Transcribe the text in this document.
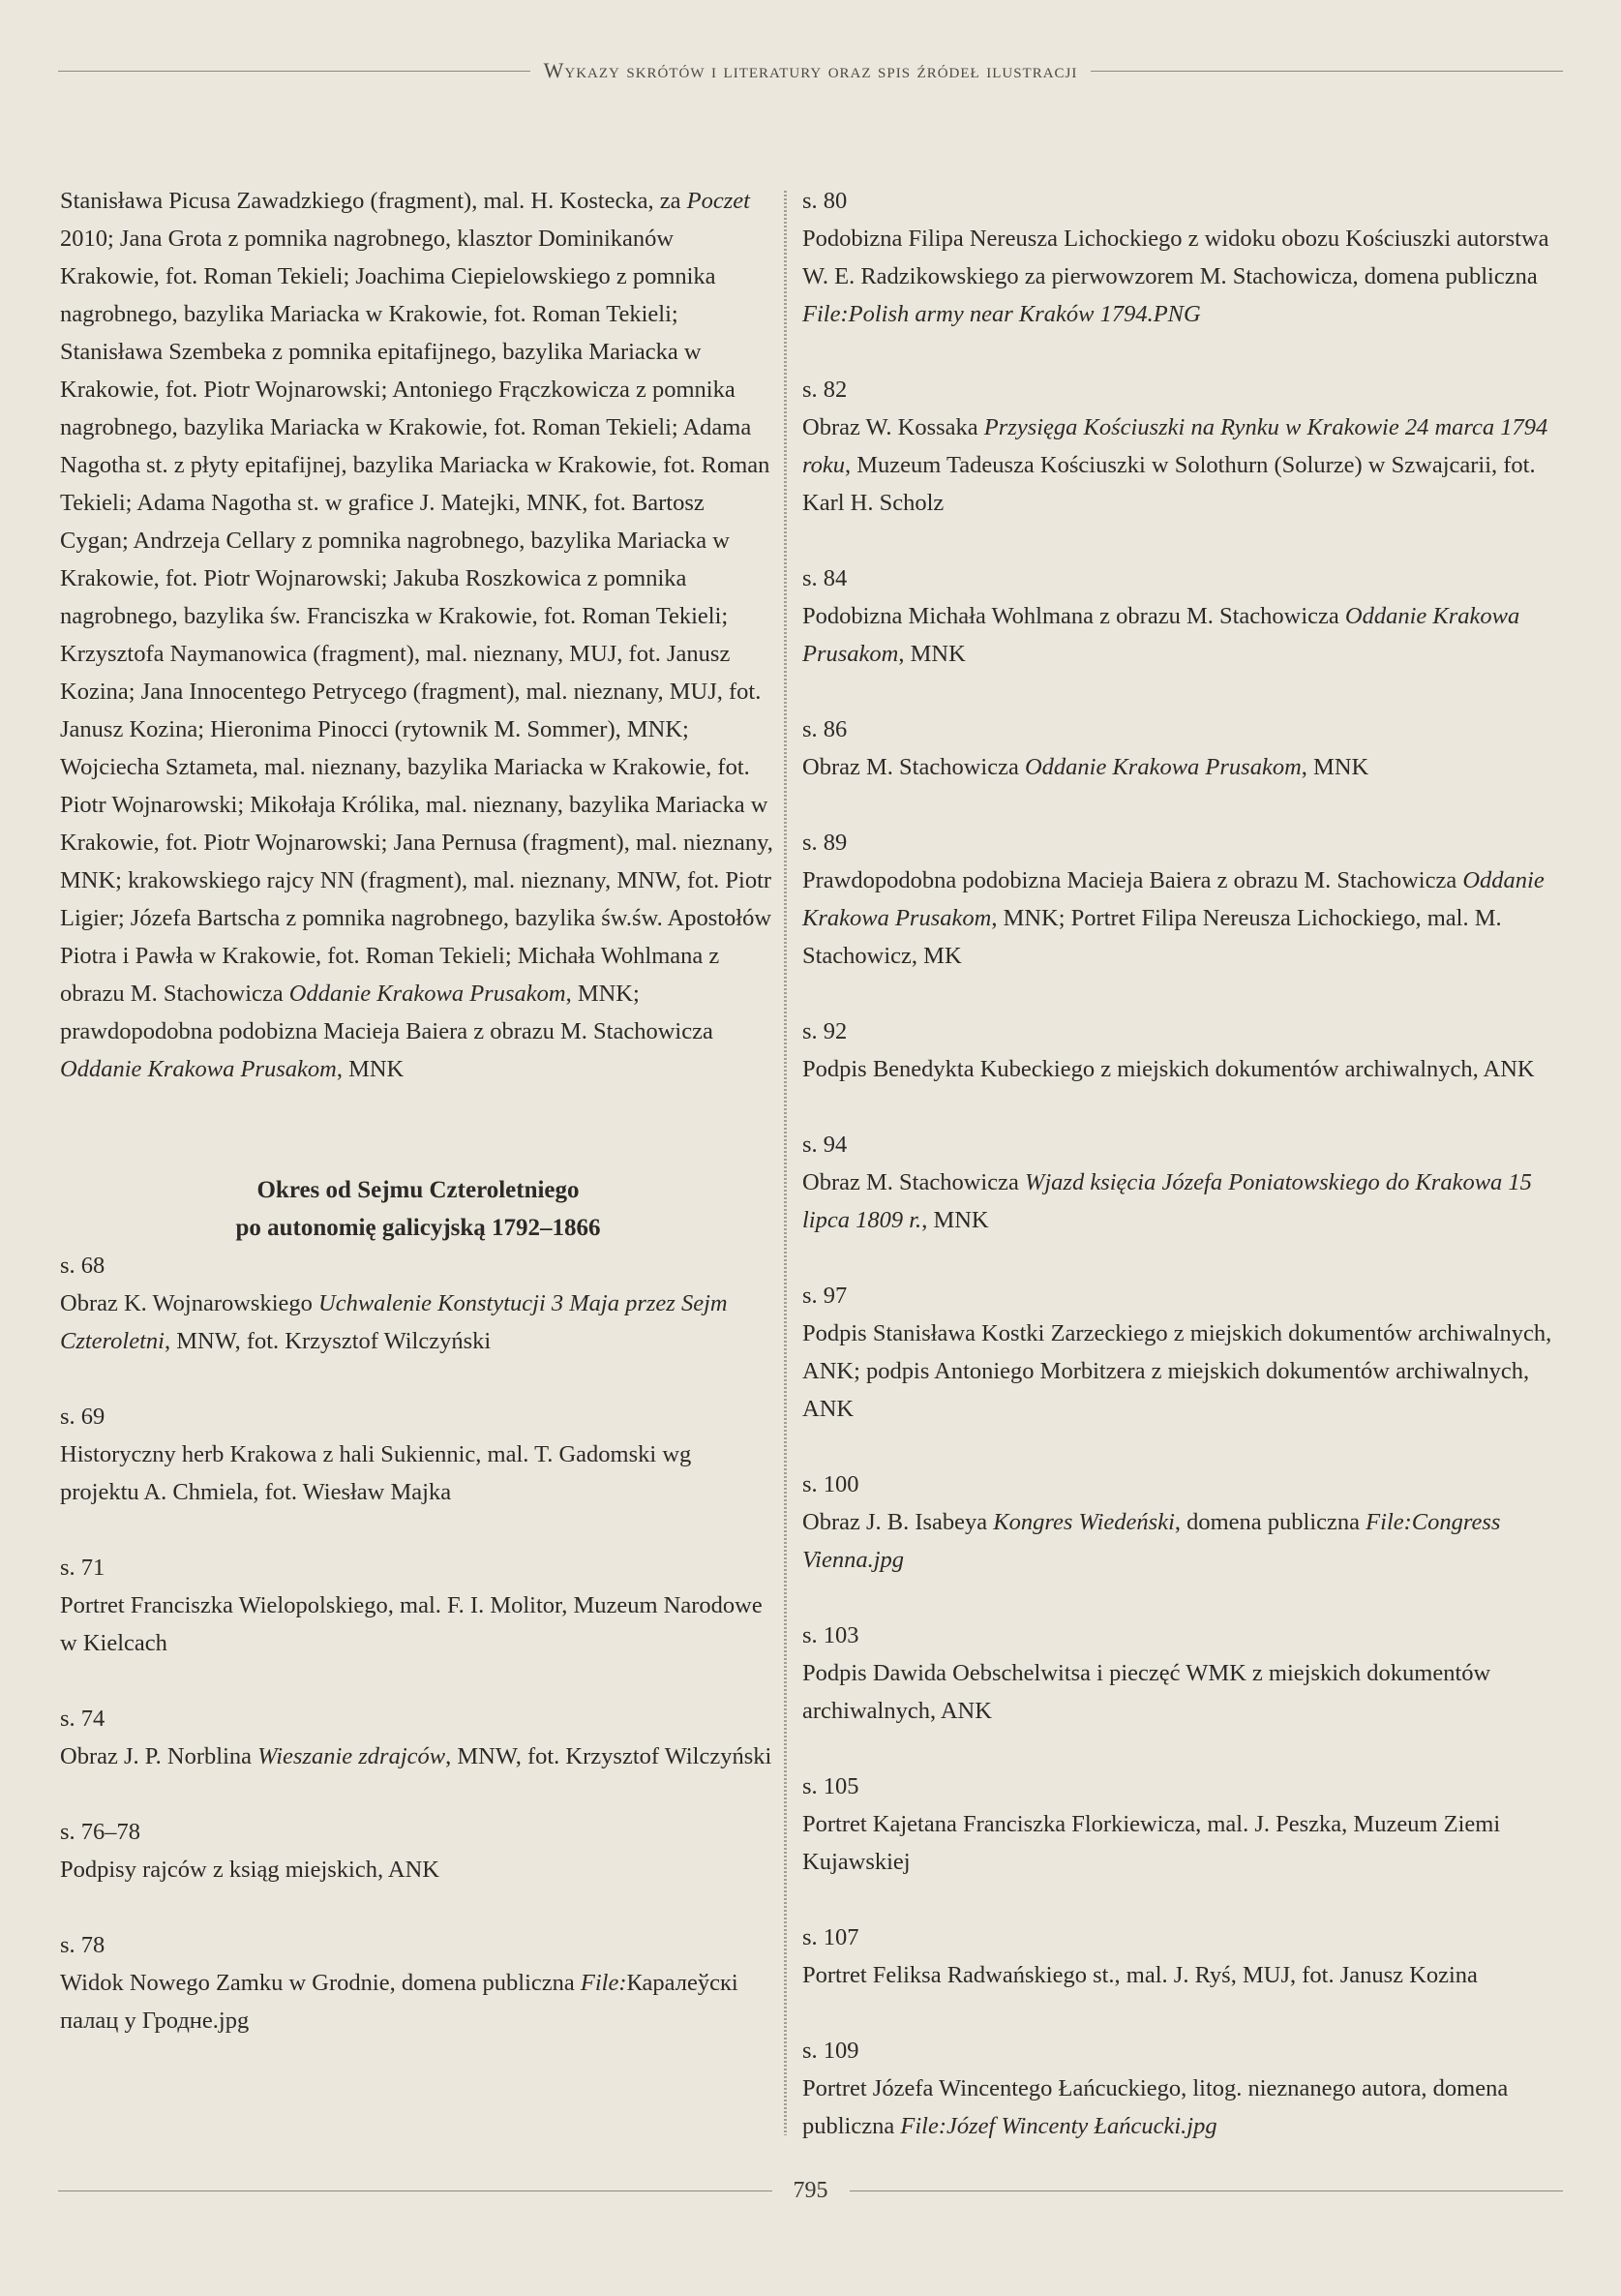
Wykazy skrótów i literatury oraz spis źródeł ilustracji

Stanisława Picusa Zawadzkiego (fragment), mal. H. Kostecka, za Poczet 2010; Jana Grota z pomnika nagrobnego, klasztor Dominikanów Krakowie, fot. Roman Tekieli; Joachima Ciepielowskiego z pomnika nagrobnego, bazylika Mariacka w Krakowie, fot. Roman Tekieli; Stanisława Szembeka z pomnika epitafijnego, bazylika Mariacka w Krakowie, fot. Piotr Wojnarowski; Antoniego Frączkowicza z pomnika nagrobnego, bazylika Mariacka w Krakowie, fot. Roman Tekieli; Adama Nagotha st. z płyty epitafijnej, bazylika Mariacka w Krakowie, fot. Roman Tekieli; Adama Nagotha st. w grafice J. Matejki, MNK, fot. Bartosz Cygan; Andrzeja Cellary z pomnika nagrobnego, bazylika Mariacka w Krakowie, fot. Piotr Wojnarowski; Jakuba Roszkowica z pomnika nagrobnego, bazylika św. Franciszka w Krakowie, fot. Roman Tekieli; Krzysztofa Naymanowica (fragment), mal. nieznany, MUJ, fot. Janusz Kozina; Jana Innocentego Petrycego (fragment), mal. nieznany, MUJ, fot. Janusz Kozina; Hieronima Pinocci (rytownik M. Sommer), MNK; Wojciecha Sztameta, mal. nieznany, bazylika Mariacka w Krakowie, fot. Piotr Wojnarowski; Mikołaja Królika, mal. nieznany, bazylika Mariacka w Krakowie, fot. Piotr Wojnarowski; Jana Pernusa (fragment), mal. nieznany, MNK; krakowskiego rajcy NN (fragment), mal. nieznany, MNW, fot. Piotr Ligier; Józefa Bartscha z pomnika nagrobnego, bazylika św.św. Apostołów Piotra i Pawła w Krakowie, fot. Roman Tekieli; Michała Wohlmana z obrazu M. Stachowicza Oddanie Krakowa Prusakom, MNK; prawdopodobna podobizna Macieja Baiera z obrazu M. Stachowicza Oddanie Krakowa Prusakom, MNK

Okres od Sejmu Czteroletniego
po autonomię galicyjską 1792–1866
s. 68
Obraz K. Wojnarowskiego Uchwalenie Konstytucji 3 Maja przez Sejm Czteroletni, MNW, fot. Krzysztof Wilczyński
s. 69
Historyczny herb Krakowa z hali Sukiennic, mal. T. Gadomski wg projektu A. Chmiela, fot. Wiesław Majka
s. 71
Portret Franciszka Wielopolskiego, mal. F. I. Molitor, Muzeum Narodowe w Kielcach
s. 74
Obraz J. P. Norblina Wieszanie zdrajców, MNW, fot. Krzysztof Wilczyński
s. 76–78
Podpisy rajców z ksiąg miejskich, ANK
s. 78
Widok Nowego Zamku w Grodnie, domena publiczna File:Каралеўскі палац у Гродне.jpg
s. 80
Podobizna Filipa Nereusza Lichockiego z widoku obozu Kościuszki autorstwa W. E. Radzikowskiego za pierwowzorem M. Stachowicza, domena publiczna File:Polish army near Kraków 1794.PNG
s. 82
Obraz W. Kossaka Przysięga Kościuszki na Rynku w Krakowie 24 marca 1794 roku, Muzeum Tadeusza Kościuszki w Solothurn (Solurze) w Szwajcarii, fot. Karl H. Scholz
s. 84
Podobizna Michała Wohlmana z obrazu M. Stachowicza Oddanie Krakowa Prusakom, MNK
s. 86
Obraz M. Stachowicza Oddanie Krakowa Prusakom, MNK
s. 89
Prawdopodobna podobizna Macieja Baiera z obrazu M. Stachowicza Oddanie Krakowa Prusakom, MNK; Portret Filipa Nereusza Lichockiego, mal. M. Stachowicz, MK
s. 92
Podpis Benedykta Kubeckiego z miejskich dokumentów archiwalnych, ANK
s. 94
Obraz M. Stachowicza Wjazd księcia Józefa Poniatowskiego do Krakowa 15 lipca 1809 r., MNK
s. 97
Podpis Stanisława Kostki Zarzeckiego z miejskich dokumentów archiwalnych, ANK; podpis Antoniego Morbitzera z miejskich dokumentów archiwalnych, ANK
s. 100
Obraz J. B. Isabeya Kongres Wiedeński, domena publiczna File:Congress Vienna.jpg
s. 103
Podpis Dawida Oebschelwitsa i pieczęć WMK z miejskich dokumentów archiwalnych, ANK
s. 105
Portret Kajetana Franciszka Florkiewicza, mal. J. Peszka, Muzeum Ziemi Kujawskiej
s. 107
Portret Feliksa Radwańskiego st., mal. J. Ryś, MUJ, fot. Janusz Kozina
s. 109
Portret Józefa Wincentego Łańcuckiego, litog. nieznanego autora, domena publiczna File:Józef Wincenty Łańcucki.jpg
795
